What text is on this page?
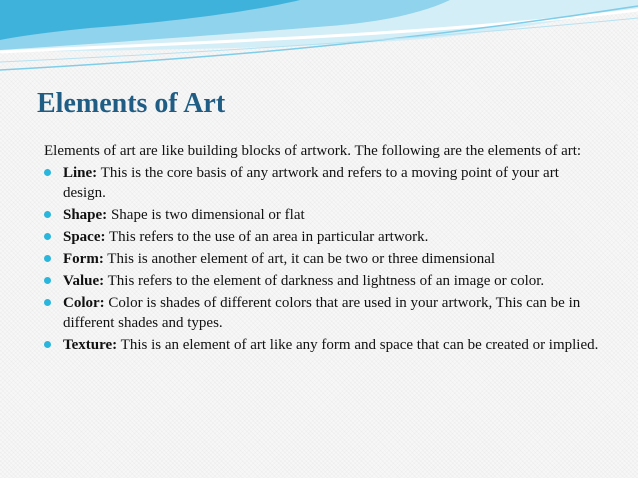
Elements of Art

Elements of art are like building blocks of artwork. The following are the elements of art:

Line: This is the core basis of any artwork and refers to a moving point of your art design.
Shape: Shape is two dimensional or flat
Space: This refers to the use of an area in particular artwork.
Form: This is another element of art, it can be two or three dimensional
Value: This refers to the element of darkness and lightness of an image or color.
Color: Color is shades of different colors that are used in your artwork, This can be in different shades and types.
Texture: This is an element of art like any form and space that can be created or implied.
